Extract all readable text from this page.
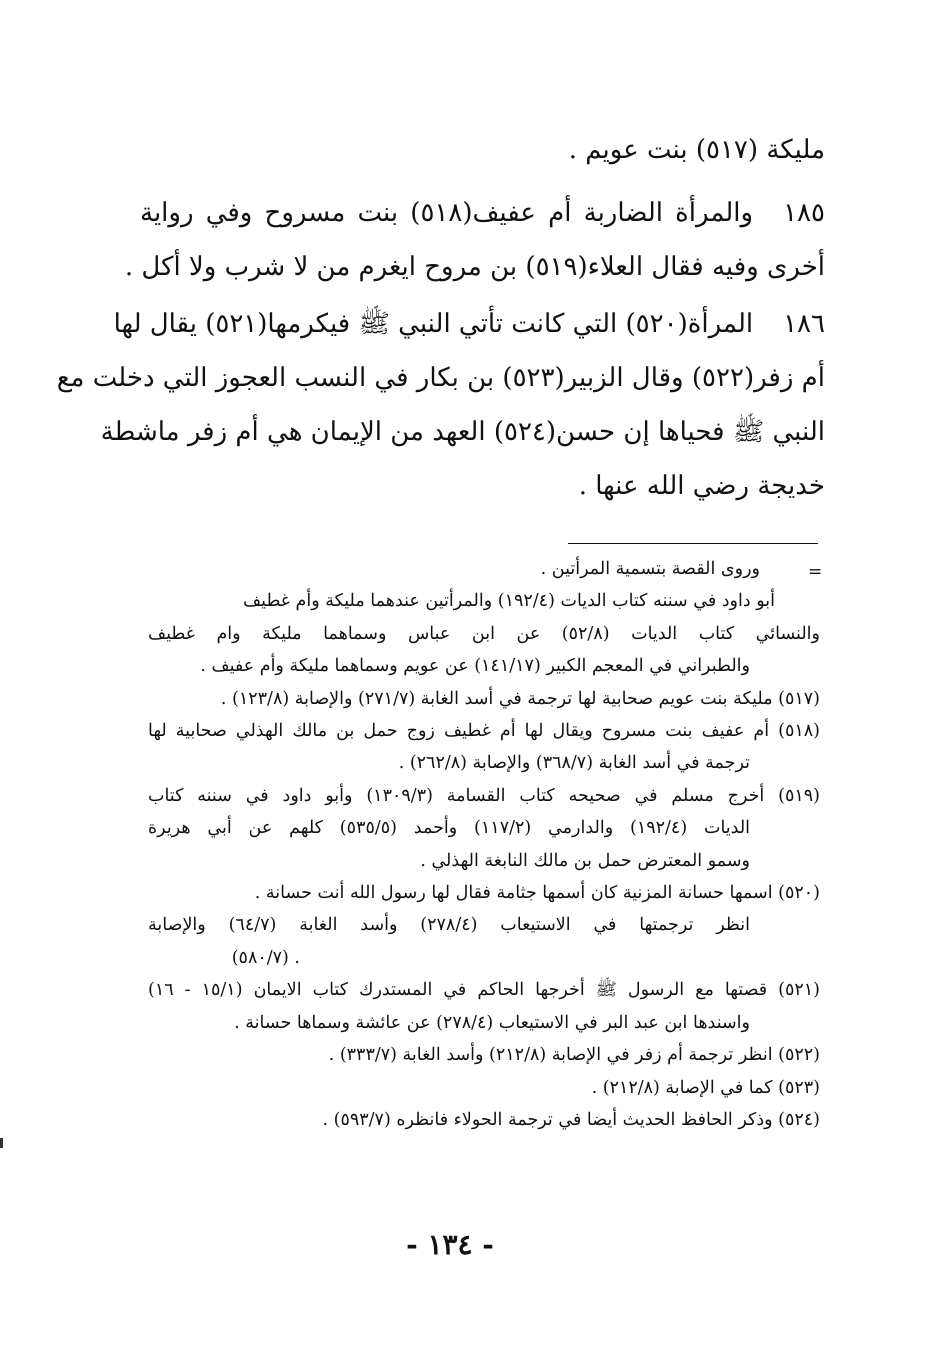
مليكة (٥١٧) بنت عويم .
١٨٥والمرأة الضاربة أم عفيف(٥١٨) بنت مسروح وفي رواية
أخرى وفيه فقال العلاء(٥١٩) بن مروح ايغرم من لا شرب ولا أكل .
١٨٦المرأة(٥٢٠) التي كانت تأتي النبي ﷺ فيكرمها(٥٢١) يقال لها
أم زفر(٥٢٢) وقال الزبير(٥٢٣) بن بكار في النسب العجوز التي دخلت مع
النبي ﷺ فحياها إن حسن(٥٢٤) العهد من الإيمان هي أم زفر ماشطة
خديجة رضي الله عنها .
=
وروى القصة بتسمية المرأتين .
أبو داود في سننه كتاب الديات (١٩٢/٤) والمرأتين عندهما مليكة وأم غطيف
والنسائي كتاب الديات (٥٢/٨) عن ابن عباس وسماهما مليكة وام غطيف
والطبراني في المعجم الكبير (١٤١/١٧) عن عويم وسماهما مليكة وأم عفيف .
(٥١٧) مليكة بنت عويم صحابية لها ترجمة في أسد الغابة (٢٧١/٧) والإصابة (١٢٣/٨) .
(٥١٨) أم عفيف بنت مسروح ويقال لها أم غطيف زوج حمل بن مالك الهذلي صحابية لها
ترجمة في أسد الغابة (٣٦٨/٧) والإصابة (٢٦٢/٨) .
(٥١٩) أخرج مسلم في صحيحه كتاب القسامة (١٣٠٩/٣) وأبو داود في سننه كتاب
الديات (١٩٢/٤) والدارمي (١١٧/٢) وأحمد (٥٣٥/٥) كلهم عن أبي هريرة
وسمو المعترض حمل بن مالك النابغة الهذلي .
(٥٢٠) اسمها حسانة المزنية كان أسمها جثامة فقال لها رسول الله أنت حسانة .
انظر ترجمتها في الاستيعاب (٢٧٨/٤) وأسد الغابة (٦٤/٧) والإصابة
. (٥٨٠/٧)
(٥٢١) قصتها مع الرسول ﷺ أخرجها الحاكم في المستدرك كتاب الايمان (١٥/١ - ١٦)
واسندها ابن عبد البر في الاستيعاب (٢٧٨/٤) عن عائشة وسماها حسانة .
(٥٢٢) انظر ترجمة أم زفر في الإصابة (٢١٢/٨) وأسد الغابة (٣٣٣/٧) .
(٥٢٣) كما في الإصابة (٢١٢/٨) .
(٥٢٤) وذكر الحافظ الحديث أيضا في ترجمة الحولاء فانظره (٥٩٣/٧) .
- ١٣٤ -
